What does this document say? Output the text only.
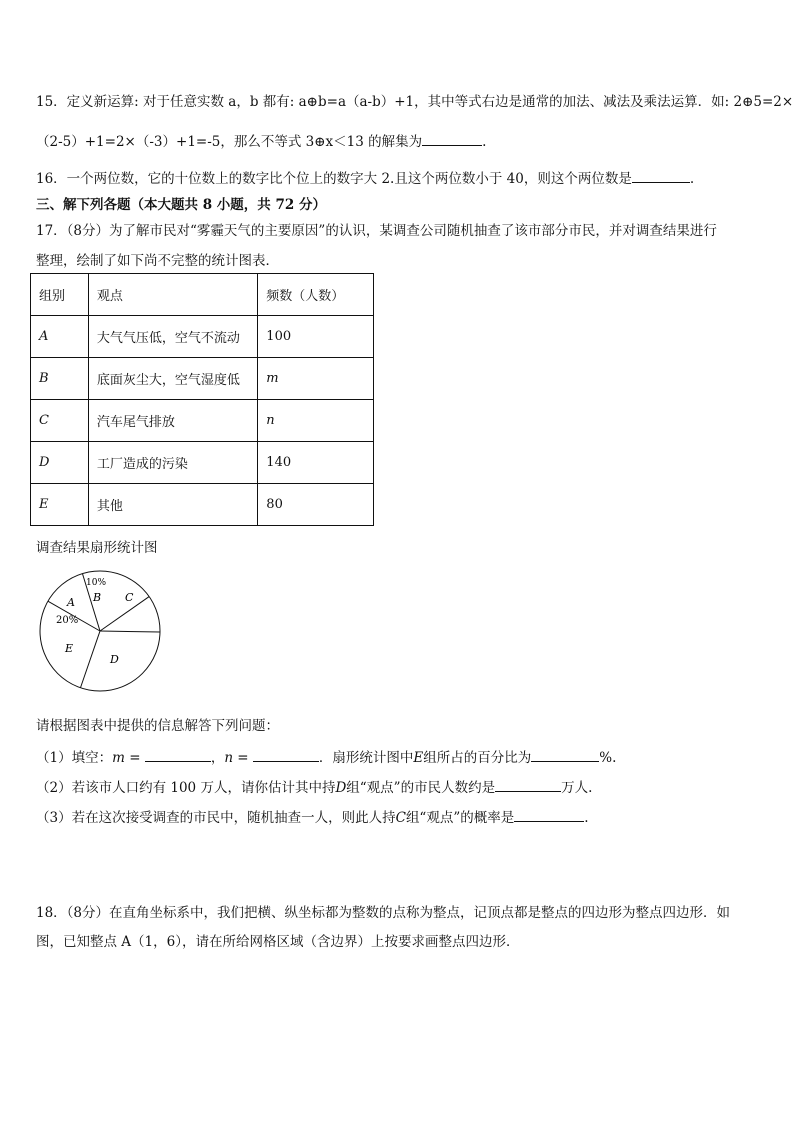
15．定义新运算: 对于任意实数 a，b 都有: a⊕b=a（a-b）+1，其中等式右边是通常的加法、减法及乘法运算．如: 2⊕5=2×
（2-5）+1=2×（-3）+1=-5，那么不等式 3⊕x＜13 的解集为	.
16．一个两位数，它的十位数上的数字比个位上的数字大 2.且这个两位数小于 40，则这个两位数是	.
三、解下列各题（本大题共 8 小题，共 72 分）
17．（8分）为了解市民对“雾霾天气的主要原因”的认识，某调查公司随机抽查了该市部分市民，并对调查结果进行
整理，绘制了如下尚不完整的统计图表．
组别	观点	频数（人数）
A	大气气压低，空气不流动	100
B	底面灰尘大，空气湿度低	m
C	汽车尾气排放	n
D	工厂造成的污染	140
E	其他	80
调查结果扇形统计图
A
20%
B
10%
C
D
E
请根据图表中提供的信息解答下列问题：
（1）填空：m =	，n =	．扇形统计图中E组所占的百分比为	%.
（2）若该市人口约有 100 万人，请你估计其中持D组“观点”的市民人数约是	万人.
（3）若在这次接受调查的市民中，随机抽查一人，则此人持C组“观点”的概率是	.
18．（8分）在直角坐标系中，我们把横、纵坐标都为整数的点称为整点，记顶点都是整点的四边形为整点四边形．如
图，已知整点 A（1，6），请在所给网格区域（含边界）上按要求画整点四边形．
